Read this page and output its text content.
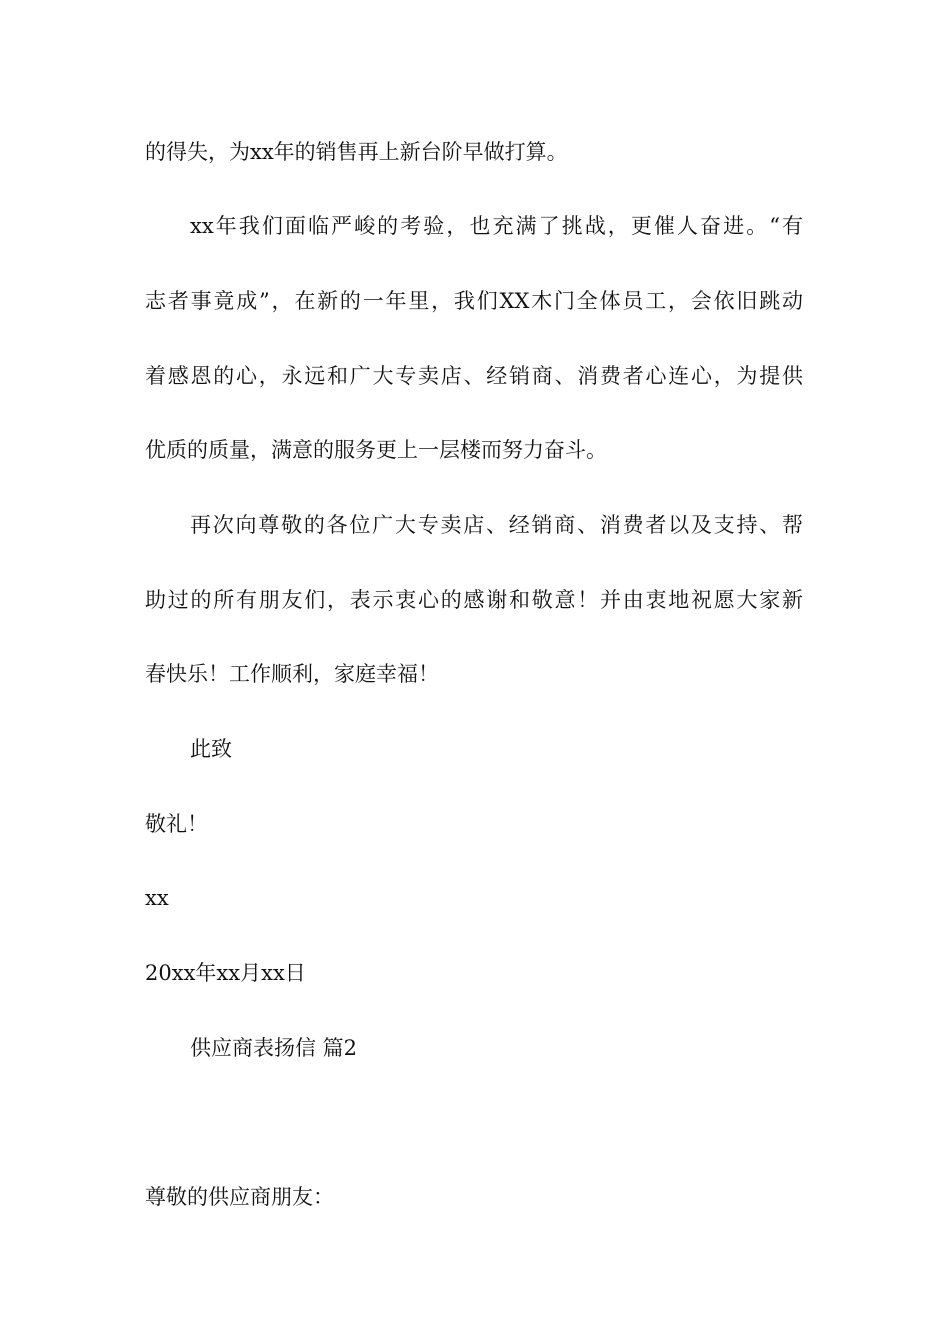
的得失，为xx年的销售再上新台阶早做打算。

xx年我们面临严峻的考验，也充满了挑战，更催人奋进。“有

志者事竟成”，在新的一年里，我们XX木门全体员工，会依旧跳动

着感恩的心，永远和广大专卖店、经销商、消费者心连心，为提供

优质的质量，满意的服务更上一层楼而努力奋斗。

再次向尊敬的各位广大专卖店、经销商、消费者以及支持、帮

助过的所有朋友们，表示衷心的感谢和敬意！并由衷地祝愿大家新

春快乐！工作顺利，家庭幸福！

此致

敬礼！

xx

20xx年xx月xx日

供应商表扬信 篇2

尊敬的供应商朋友：
